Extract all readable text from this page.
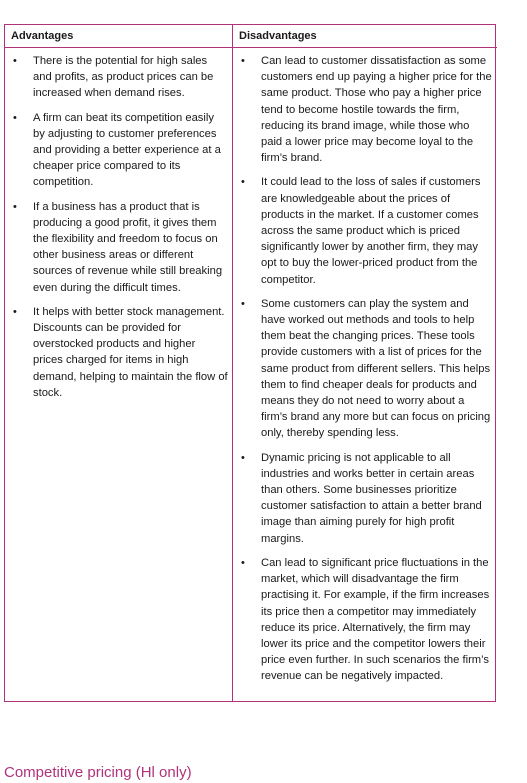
Advantages
• There is the potential for high sales and profits, as product prices can be increased when demand rises.
• A firm can beat its competition easily by adjusting to customer preferences and providing a better experience at a cheaper price compared to its competition.
• If a business has a product that is producing a good profit, it gives them the flexibility and freedom to focus on other business areas or different sources of revenue while still breaking even during the difficult times.
• It helps with better stock management. Discounts can be provided for overstocked products and higher prices charged for items in high demand, helping to maintain the flow of stock.
Disadvantages
• Can lead to customer dissatisfaction as some customers end up paying a higher price for the same product. Those who pay a higher price tend to become hostile towards the firm, reducing its brand image, while those who paid a lower price may become loyal to the firm’s brand.
• It could lead to the loss of sales if customers are knowledgeable about the prices of products in the market. If a customer comes across the same product which is priced significantly lower by another firm, they may opt to buy the lower-priced product from the competitor.
• Some customers can play the system and have worked out methods and tools to help them beat the changing prices. These tools provide customers with a list of prices for the same product from different sellers. This helps them to find cheaper deals for products and means they do not need to worry about a firm’s brand any more but can focus on pricing only, thereby spending less.
• Dynamic pricing is not applicable to all industries and works better in certain areas than others. Some businesses prioritize customer satisfaction to attain a better brand image than aiming purely for high profit margins.
• Can lead to significant price fluctuations in the market, which will disadvantage the firm practising it. For example, if the firm increases its price then a competitor may immediately reduce its price. Alternatively, the firm may lower its price and the competitor lowers their price even further. In such scenarios the firm’s revenue can be negatively impacted.
Competitive pricing (Hl only)
